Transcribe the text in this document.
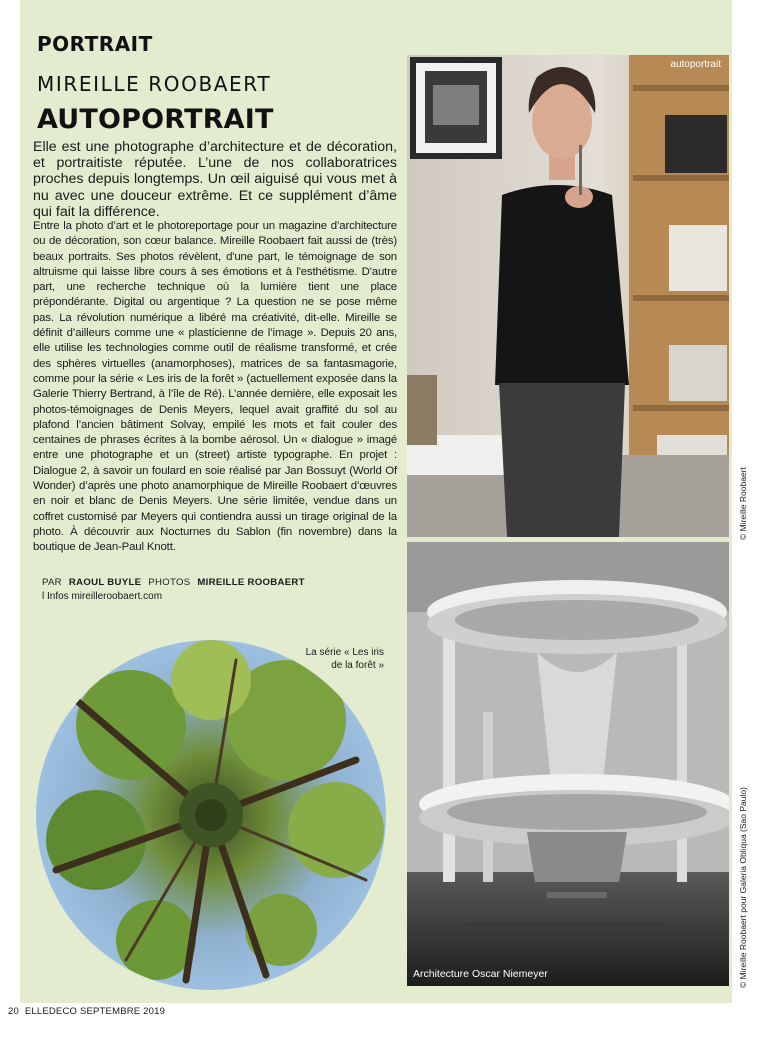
PORTRAIT
MIREILLE ROOBAERT
AUTOPORTRAIT

Elle est une photographe d’architecture et de décoration, et portraitiste réputée. L’une de nos collaboratrices proches depuis longtemps. Un œil aiguisé qui vous met à nu avec une douceur extrême. Et ce supplément d’âme qui fait la différence.

Entre la photo d’art et le photoreportage pour un magazine d’architecture ou de décoration, son cœur balance. Mireille Roobaert fait aussi de (très) beaux portraits. Ses photos révèlent, d'une part, le témoignage de son altruisme qui laisse libre cours à ses émotions et à l'esthétisme. D'autre part, une recherche technique où la lumière tient une place prépondérante. Digital ou argentique ? La question ne se pose même pas. La révolution numérique a libéré ma créativité, dit-elle. Mireille se définit d’ailleurs comme une « plasticienne de l’image ». Depuis 20 ans, elle utilise les technologies comme outil de réalisme transformé, et crée des sphères virtuelles (anamorphoses), matrices de sa fantasmagorie, comme pour la série « Les iris de la forêt » (actuellement exposée dans la Galerie Thierry Bertrand, à l’île de Ré). L’année dernière, elle exposait les photos-témoignages de Denis Meyers, lequel avait graffité du sol au plafond l’ancien bâtiment Solvay, empilé les mots et fait couler des centaines de phrases écrites à la bombe aérosol. Un « dialogue » imagé entre une photographe et un (street) artiste typographe. En projet : Dialogue 2, à savoir un foulard en soie réalisé par Jan Bossuyt (World Of Wonder) d’après une photo anamorphique de Mireille Roobaert d’œuvres en noir et blanc de Denis Meyers. Une série limitée, vendue dans un coffret customisé par Meyers qui contiendra aussi un tirage original de la photo. À découvrir aux Nocturnes du Sablon (fin novembre) dans la boutique de Jean-Paul Knott.

PAR RAOUL BUYLE PHOTOS MIREILLE ROOBAERT
l Infos mireilleroobaert.com
La série « Les iris
de la forêt »
autoportrait
Architecture Oscar Niemeyer
© Mireille Roobaert
© Mireille Roobaert pour Galeria Obliqua (Sao Paulo)
20 ELLEDECO SEPTEMBRE 2019
